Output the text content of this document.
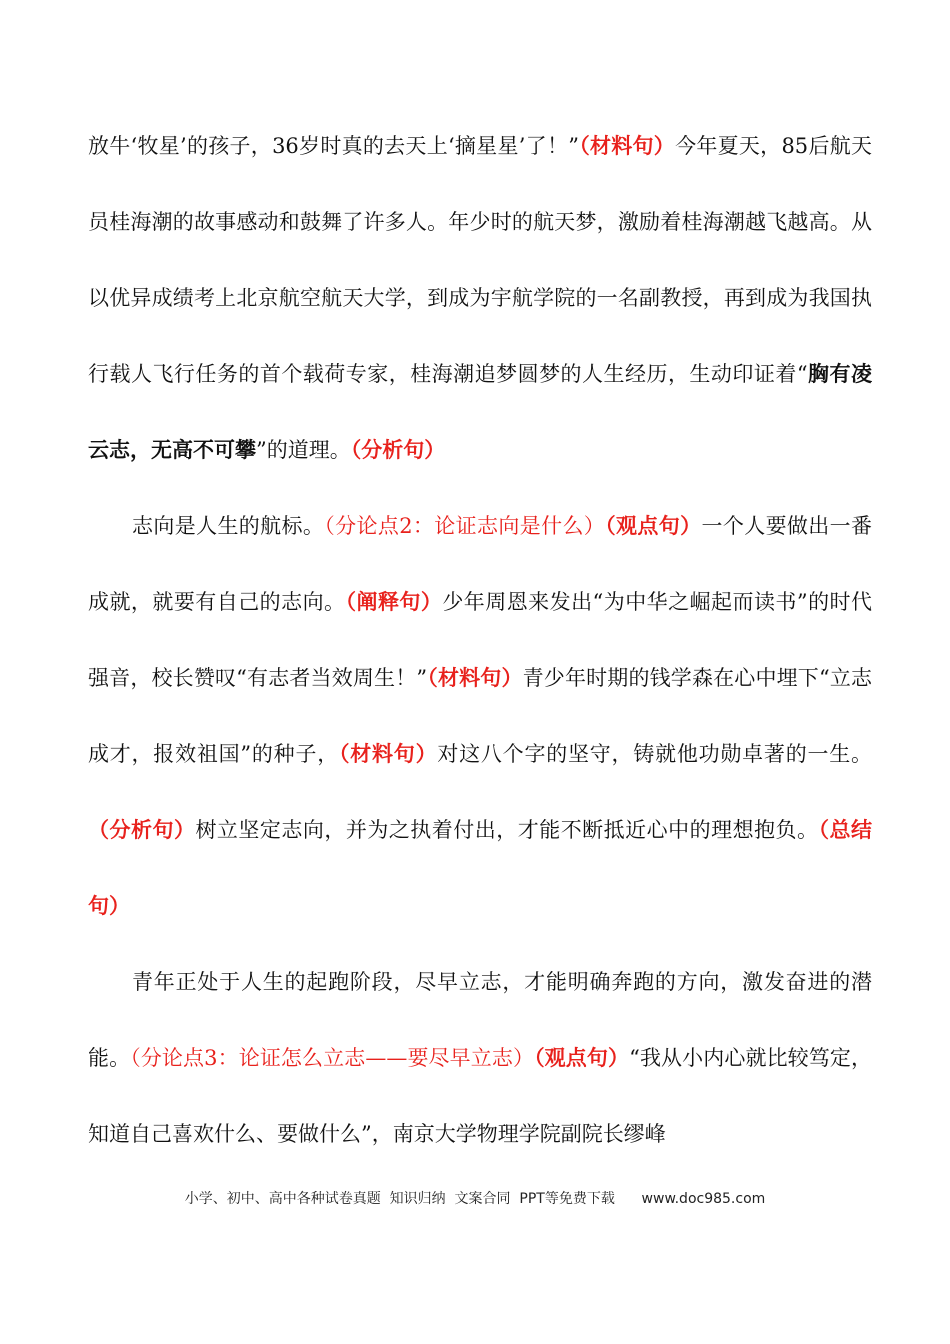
放牛‘牧星’的孩子，36岁时真的去天上‘摘星星’了！”（材料句）今年夏天，85后航天员桂海潮的故事感动和鼓舞了许多人。年少时的航天梦，激励着桂海潮越飞越高。从以优异成绩考上北京航空航天大学，到成为宇航学院的一名副教授，再到成为我国执行载人飞行任务的首个载荷专家，桂海潮追梦圆梦的人生经历，生动印证着“胸有凌云志，无高不可攀”的道理。（分析句）

志向是人生的航标。（分论点2：论证志向是什么）（观点句）一个人要做出一番成就，就要有自己的志向。（阐释句）少年周恩来发出“为中华之崛起而读书”的时代强音，校长赞叹“有志者当效周生！”（材料句）青少年时期的钱学森在心中埋下“立志成才，报效祖国”的种子，（材料句）对这八个字的坚守，铸就他功勋卓著的一生。（分析句）树立坚定志向，并为之执着付出，才能不断抵近心中的理想抱负。（总结句）

青年正处于人生的起跑阶段，尽早立志，才能明确奔跑的方向，激发奋进的潜能。（分论点3：论证怎么立志——要尽早立志）（观点句）“我从小内心就比较笃定，知道自己喜欢什么、要做什么”，南京大学物理学院副院长缪峰

小学、初中、高中各种试卷真题  知识归纳  文案合同  PPT等免费下载      www.doc985.com
